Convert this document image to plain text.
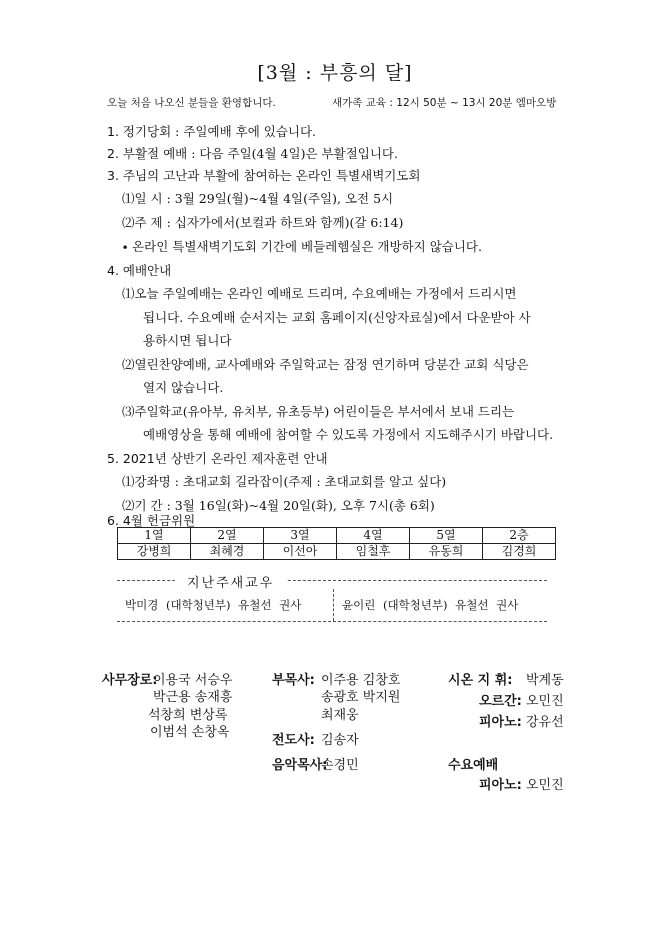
[3월 : 부흥의 달]
오늘 처음 나오신 분들을 환영합니다.	새가족 교육 : 12시 50분 ~ 13시 20분 엠마오방
1. 정기당회 : 주일예배 후에 있습니다.
2. 부활절 예배 : 다음 주일(4월 4일)은 부활절입니다.
3. 주님의 고난과 부활에 참여하는 온라인 특별새벽기도회
⑴일 시 : 3월 29일(월)~4월 4일(주일), 오전 5시
⑵주 제 : 십자가에서(보컬과 하트와 함께)(갈 6:14)
∙ 온라인 특별새벽기도회 기간에 베들레헴실은 개방하지 않습니다.
4. 예배안내
⑴오늘 주일예배는 온라인 예배로 드리며, 수요예배는 가정에서 드리시면
됩니다. 수요예배 순서지는 교회 홈페이지(신앙자료실)에서 다운받아 사
용하시면 됩니다
⑵열린찬양예배, 교사예배와 주일학교는 잠정 연기하며 당분간 교회 식당은
열지 않습니다.
⑶주일학교(유아부, 유치부, 유초등부) 어린이들은 부서에서 보내 드리는
예배영상을 통해 예배에 참여할 수 있도록 가정에서 지도해주시기 바랍니다.
5. 2021년 상반기 온라인 제자훈련 안내
⑴강좌명 : 초대교회 길라잡이(주제 : 초대교회를 알고 싶다)
⑵기 간 : 3월 16일(화)~4월 20일(화), 오후 7시(총 6회)
6. 4월 헌금위원
1열	2열	3열	4열	5열	2층
강병희	최혜경	이선아	임철후	유동희	김경희
지난주새교우
박미경 (대학청년부) 유철선 권사	윤이린 (대학청년부) 유철선 권사
사무장로:
이용국 서승우
박근용 송재흥
석창희 변상록
이범석 손창옥
부목사: 이주용 김창호
송광호 박지원
최재웅
전도사: 김송자
음악목사:
손경민
시온 지 휘: 박계동
오르간: 오민진
피아노: 강유선
수요예배
피아노: 오민진
